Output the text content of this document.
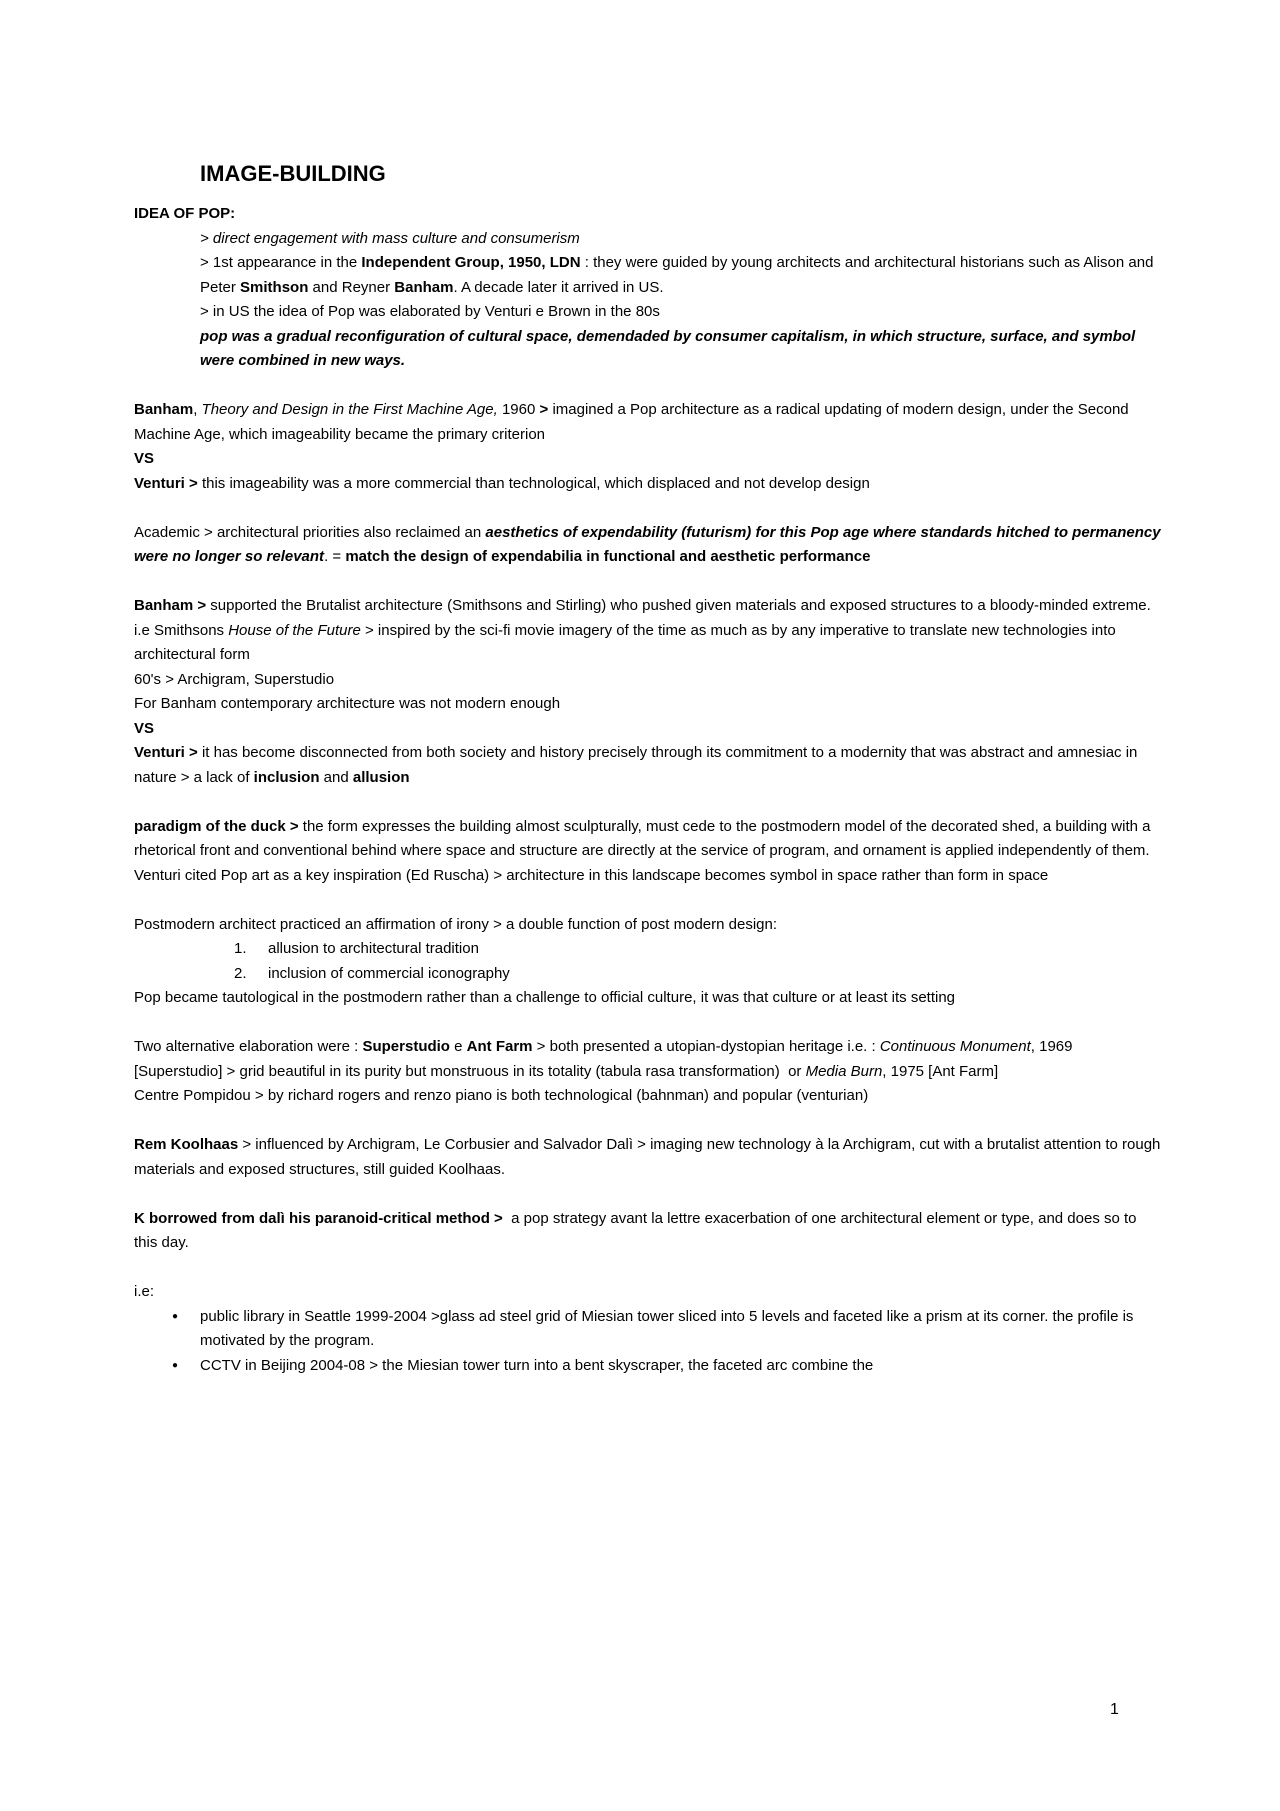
IMAGE-BUILDING
IDEA OF POP:
> direct engagement with mass culture and consumerism
> 1st appearance in the Independent Group, 1950, LDN : they were guided by young architects and architectural historians such as Alison and Peter Smithson and Reyner Banham. A decade later it arrived in US.
> in US the idea of Pop was elaborated by Venturi e Brown in the 80s
pop was a gradual reconfiguration of cultural space, demendaded by consumer capitalism, in which structure, surface, and symbol were combined in new ways.
Banham, Theory and Design in the First Machine Age, 1960 > imagined a Pop architecture as a radical updating of modern design, under the Second Machine Age, which imageability became the primary criterion
VS
Venturi > this imageability was a more commercial than technological, which displaced and not develop design
Academic > architectural priorities also reclaimed an aesthetics of expendability (futurism) for this Pop age where standards hitched to permanency were no longer so relevant. = match the design of expendabilia in functional and aesthetic performance
Banham > supported the Brutalist architecture (Smithsons and Stirling) who pushed given materials and exposed structures to a bloody-minded extreme.
i.e Smithsons House of the Future > inspired by the sci-fi movie imagery of the time as much as by any imperative to translate new technologies into architectural form
60's > Archigram, Superstudio
For Banham contemporary architecture was not modern enough
VS
Venturi > it has become disconnected from both society and history precisely through its commitment to a modernity that was abstract and amnesiac in nature > a lack of inclusion and allusion
paradigm of the duck > the form expresses the building almost sculpturally, must cede to the postmodern model of the decorated shed, a building with a rhetorical front and conventional behind where space and structure are directly at the service of program, and ornament is applied independently of them.
Venturi cited Pop art as a key inspiration (Ed Ruscha) > architecture in this landscape becomes symbol in space rather than form in space
Postmodern architect practiced an affirmation of irony > a double function of post modern design:
1.	allusion to architectural tradition
2.	inclusion of commercial iconography
Pop became tautological in the postmodern rather than a challenge to official culture, it was that culture or at least its setting
Two alternative elaboration were : Superstudio e Ant Farm > both presented a utopian-dystopian heritage i.e. : Continuous Monument, 1969 [Superstudio] > grid beautiful in its purity but monstruous in its totality (tabula rasa transformation)  or Media Burn, 1975 [Ant Farm]
Centre Pompidou > by richard rogers and renzo piano is both technological (bahnman) and popular (venturian)
Rem Koolhaas > influenced by Archigram, Le Corbusier and Salvador Dalì > imaging new technology à la Archigram, cut with a brutalist attention to rough materials and exposed structures, still guided Koolhaas.
K borrowed from dalì his paranoid-critical method >  a pop strategy avant la lettre exacerbation of one architectural element or type, and does so to this day.
i.e:
●	public library in Seattle 1999-2004 >glass ad steel grid of Miesian tower sliced into 5 levels and faceted like a prism at its corner. the profile is motivated by the program.
●	CCTV in Beijing 2004-08 > the Miesian tower turn into a bent skyscraper, the faceted arc combine the
1
